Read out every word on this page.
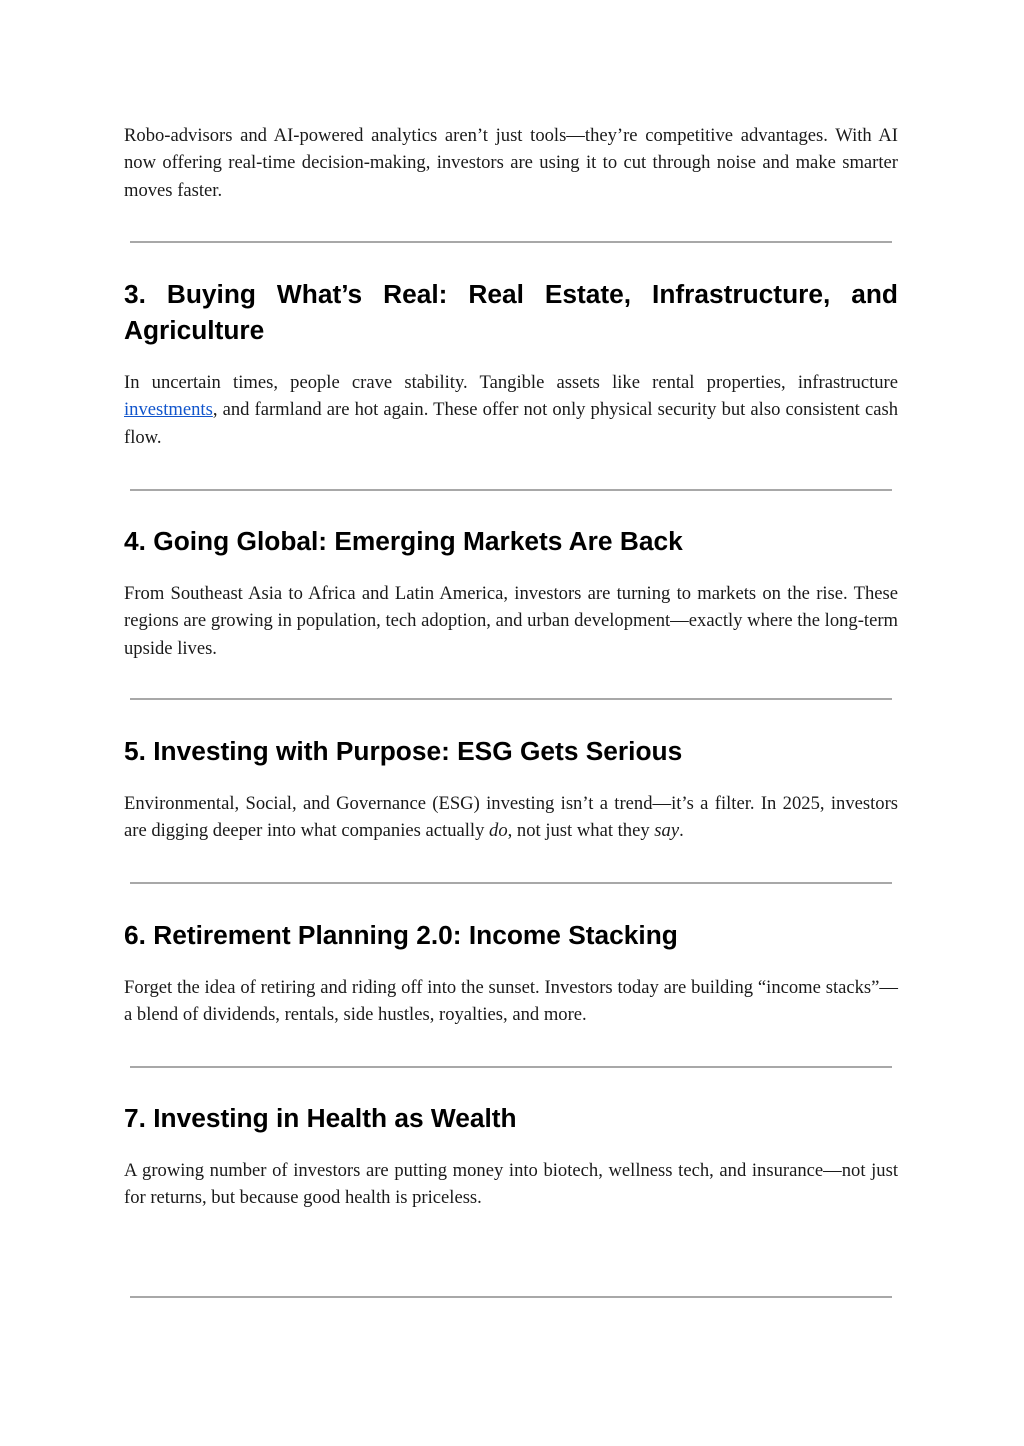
Robo-advisors and AI-powered analytics aren’t just tools—they’re competitive advantages. With AI now offering real-time decision-making, investors are using it to cut through noise and make smarter moves faster.

3. Buying What’s Real: Real Estate, Infrastructure, and Agriculture

In uncertain times, people crave stability. Tangible assets like rental properties, infrastructure investments, and farmland are hot again. These offer not only physical security but also consistent cash flow.

4. Going Global: Emerging Markets Are Back

From Southeast Asia to Africa and Latin America, investors are turning to markets on the rise. These regions are growing in population, tech adoption, and urban development—exactly where the long-term upside lives.

5. Investing with Purpose: ESG Gets Serious

Environmental, Social, and Governance (ESG) investing isn’t a trend—it’s a filter. In 2025, investors are digging deeper into what companies actually do, not just what they say.

6. Retirement Planning 2.0: Income Stacking

Forget the idea of retiring and riding off into the sunset. Investors today are building “income stacks”—a blend of dividends, rentals, side hustles, royalties, and more.

7. Investing in Health as Wealth

A growing number of investors are putting money into biotech, wellness tech, and insurance—not just for returns, but because good health is priceless.
